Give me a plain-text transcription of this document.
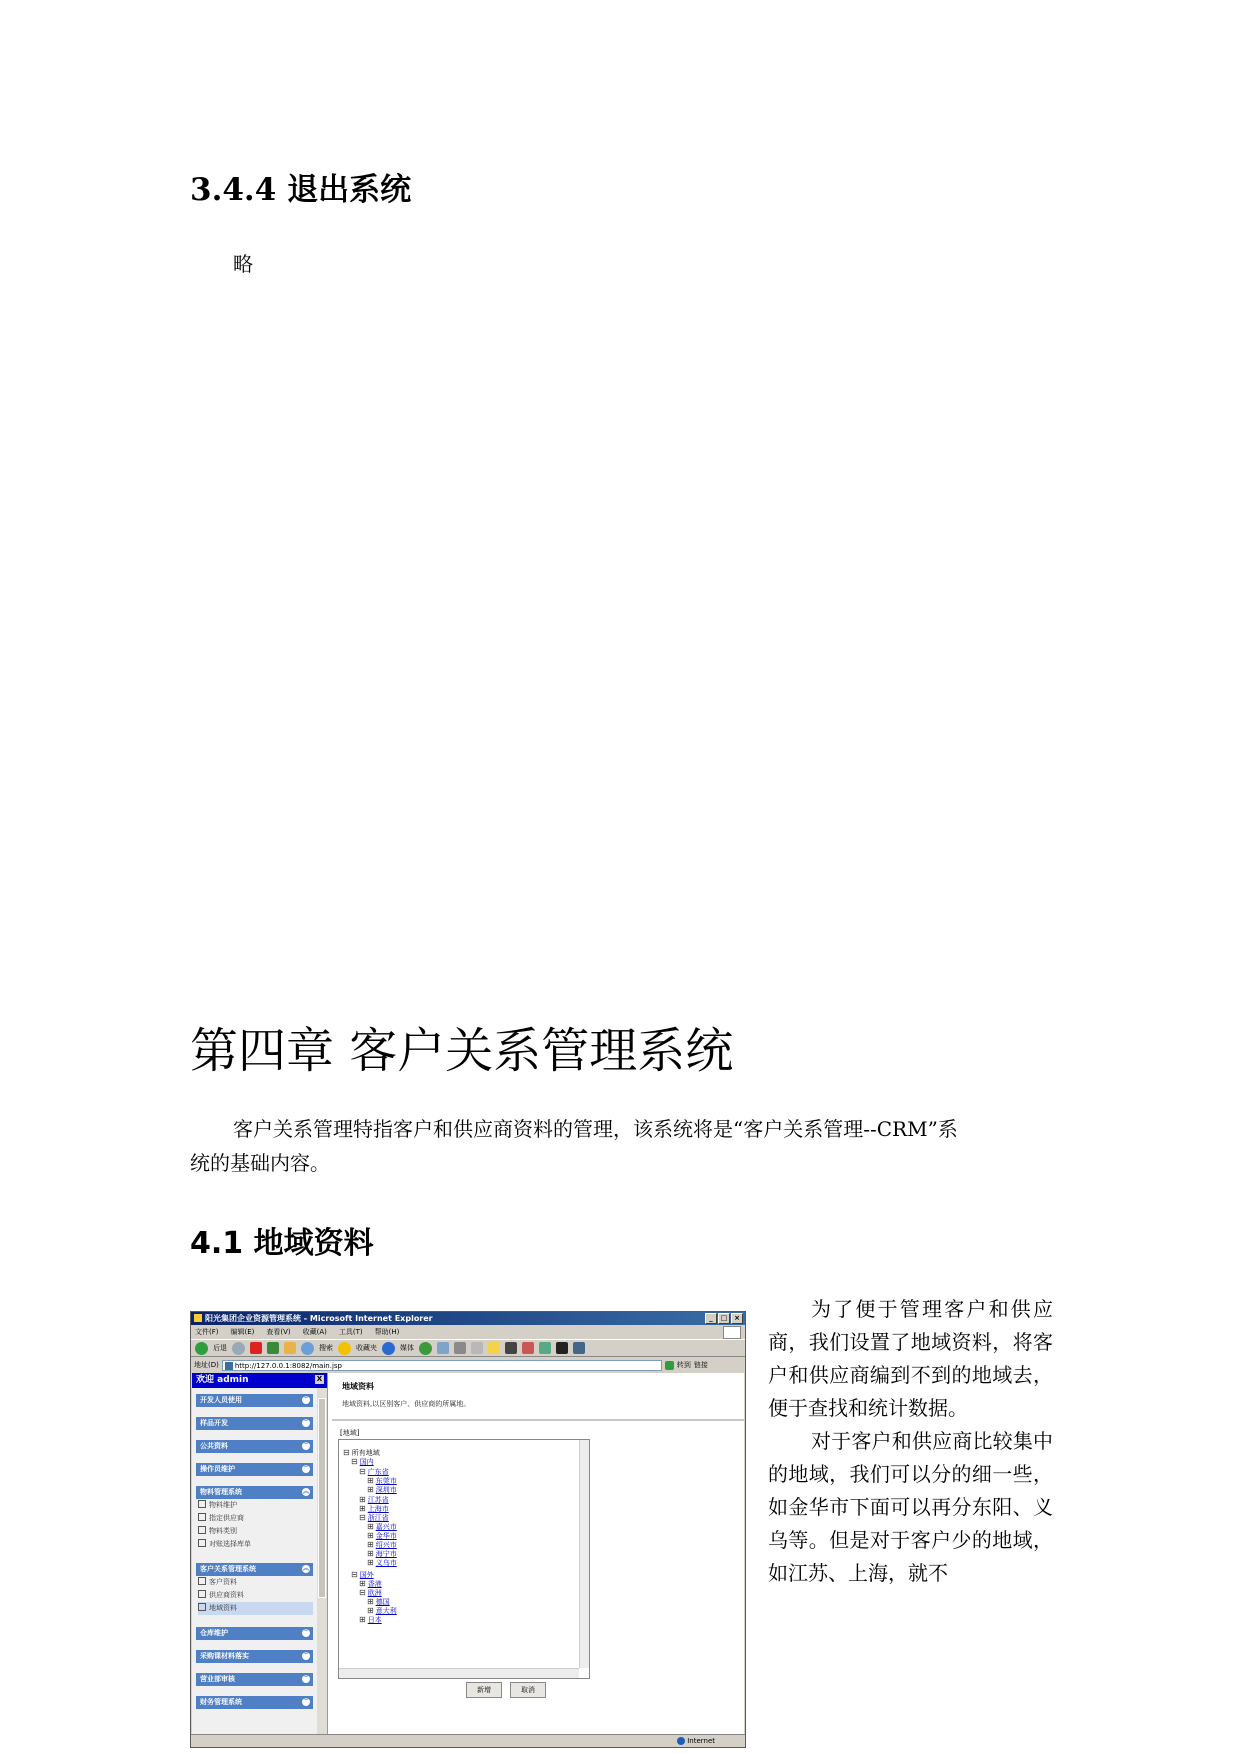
3.4.4 退出系统
略
第四章 客户关系管理系统
客户关系管理特指客户和供应商资料的管理，该系统将是“客户关系管理--CRM”系统的基础内容。
4.1 地域资料

为了便于管理客户和供应商，我们设置了地域资料，将客户和供应商编到不到的地域去，便于查找和统计数据。

对于客户和供应商比较集中的地域，我们可以分的细一些，如金华市下面可以再分东阳、义乌等。但是对于客户少的地域，如江苏、上海，就不

阳光集团企业资源管理系统 - Microsoft Internet Explorer	_	□ ×
文件(F) 编辑(E) 查看(V) 收藏(A) 工具(T) 帮助(H)
后退	搜索	收藏夹	媒体
地址(D)	http://127.0.0.1:8082/main.jsp	转到 链接
欢迎 admin	X
开发人员使用	︾
样品开发	︾
公共资料	︾
操作员维护	︾
物料管理系统	︽
物料维护
指定供应商
物料类别
对账选择库单
客户关系管理系统	︽
客户资料
供应商资料
地域资料
仓库维护	︾
采购课材料落实	︾
营业部审核	︾
财务管理系统	︾
地域资料
地域资料,以区别客户、供应商的所属地。
[地域]
⊟ 所有地域
⊟ 国内
⊟ 广东省
⊞ 东莞市
⊞ 深圳市
⊞ 江苏省
⊞ 上海市
⊟ 浙江省
⊞ 嘉兴市
⊞ 金华市
⊞ 绍兴市
⊞ 海宁市
⊞ 义乌市
⊟ 国外
⊞ 香港
⊟ 欧洲
⊞ 德国
⊞ 意大利
⊞ 日本
新增	取消
Internet
